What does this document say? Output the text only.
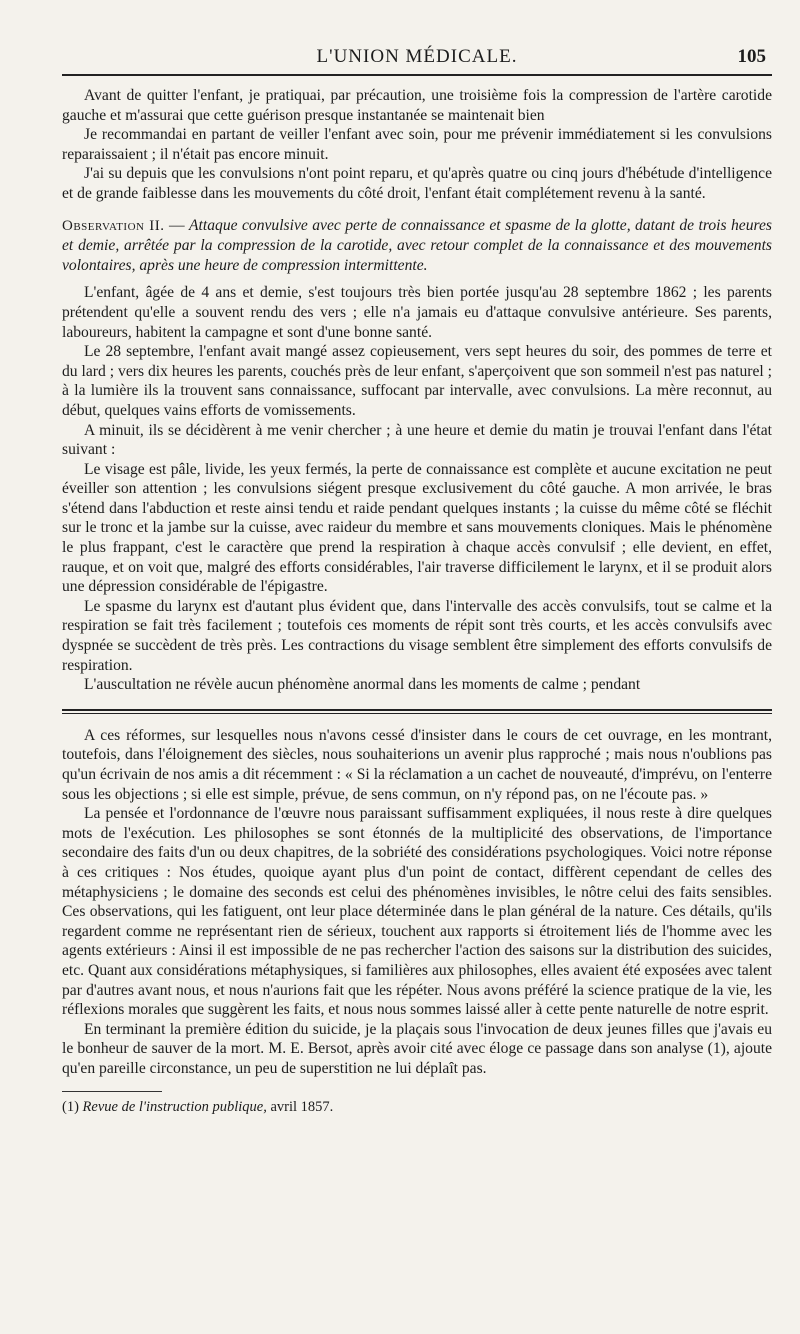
L'UNION MÉDICALE.	105

Avant de quitter l'enfant, je pratiquai, par précaution, une troisième fois la compression de l'artère carotide gauche et m'assurai que cette guérison presque instantanée se maintenait bien

Je recommandai en partant de veiller l'enfant avec soin, pour me prévenir immédiatement si les convulsions reparaissaient ; il n'était pas encore minuit.

J'ai su depuis que les convulsions n'ont point reparu, et qu'après quatre ou cinq jours d'hébétude d'intelligence et de grande faiblesse dans les mouvements du côté droit, l'enfant était complétement revenu à la santé.

Observation II. — Attaque convulsive avec perte de connaissance et spasme de la glotte, datant de trois heures et demie, arrêtée par la compression de la carotide, avec retour complet de la connaissance et des mouvements volontaires, après une heure de compression intermittente.

L'enfant, âgée de 4 ans et demie, s'est toujours très bien portée jusqu'au 28 septembre 1862 ; les parents prétendent qu'elle a souvent rendu des vers ; elle n'a jamais eu d'attaque convulsive antérieure. Ses parents, laboureurs, habitent la campagne et sont d'une bonne santé.

Le 28 septembre, l'enfant avait mangé assez copieusement, vers sept heures du soir, des pommes de terre et du lard ; vers dix heures les parents, couchés près de leur enfant, s'aperçoivent que son sommeil n'est pas naturel ; à la lumière ils la trouvent sans connaissance, suffocant par intervalle, avec convulsions. La mère reconnut, au début, quelques vains efforts de vomissements.

A minuit, ils se décidèrent à me venir chercher ; à une heure et demie du matin je trouvai l'enfant dans l'état suivant :

Le visage est pâle, livide, les yeux fermés, la perte de connaissance est complète et aucune excitation ne peut éveiller son attention ; les convulsions siégent presque exclusivement du côté gauche. A mon arrivée, le bras s'étend dans l'abduction et reste ainsi tendu et raide pendant quelques instants ; la cuisse du même côté se fléchit sur le tronc et la jambe sur la cuisse, avec raideur du membre et sans mouvements cloniques. Mais le phénomène le plus frappant, c'est le caractère que prend la respiration à chaque accès convulsif ; elle devient, en effet, rauque, et on voit que, malgré des efforts considérables, l'air traverse difficilement le larynx, et il se produit alors une dépression considérable de l'épigastre.

Le spasme du larynx est d'autant plus évident que, dans l'intervalle des accès convulsifs, tout se calme et la respiration se fait très facilement ; toutefois ces moments de répit sont très courts, et les accès convulsifs avec dyspnée se succèdent de très près. Les contractions du visage semblent être simplement des efforts convulsifs de respiration.

L'auscultation ne révèle aucun phénomène anormal dans les moments de calme ; pendant

A ces réformes, sur lesquelles nous n'avons cessé d'insister dans le cours de cet ouvrage, en les montrant, toutefois, dans l'éloignement des siècles, nous souhaiterions un avenir plus rapproché ; mais nous n'oublions pas qu'un écrivain de nos amis a dit récemment : « Si la réclamation a un cachet de nouveauté, d'imprévu, on l'enterre sous les objections ; si elle est simple, prévue, de sens commun, on n'y répond pas, on ne l'écoute pas. »

La pensée et l'ordonnance de l'œuvre nous paraissant suffisamment expliquées, il nous reste à dire quelques mots de l'exécution. Les philosophes se sont étonnés de la multiplicité des observations, de l'importance secondaire des faits d'un ou deux chapitres, de la sobriété des considérations psychologiques. Voici notre réponse à ces critiques : Nos études, quoique ayant plus d'un point de contact, diffèrent cependant de celles des métaphysiciens ; le domaine des seconds est celui des phénomènes invisibles, le nôtre celui des faits sensibles. Ces observations, qui les fatiguent, ont leur place déterminée dans le plan général de la nature. Ces détails, qu'ils regardent comme ne représentant rien de sérieux, touchent aux rapports si étroitement liés de l'homme avec les agents extérieurs : Ainsi il est impossible de ne pas rechercher l'action des saisons sur la distribution des suicides, etc. Quant aux considérations métaphysiques, si familières aux philosophes, elles avaient été exposées avec talent par d'autres avant nous, et nous n'aurions fait que les répéter. Nous avons préféré la science pratique de la vie, les réflexions morales que suggèrent les faits, et nous nous sommes laissé aller à cette pente naturelle de notre esprit.

En terminant la première édition du suicide, je la plaçais sous l'invocation de deux jeunes filles que j'avais eu le bonheur de sauver de la mort. M. E. Bersot, après avoir cité avec éloge ce passage dans son analyse (1), ajoute qu'en pareille circonstance, un peu de superstition ne lui déplaît pas.

(1) Revue de l'instruction publique, avril 1857.
